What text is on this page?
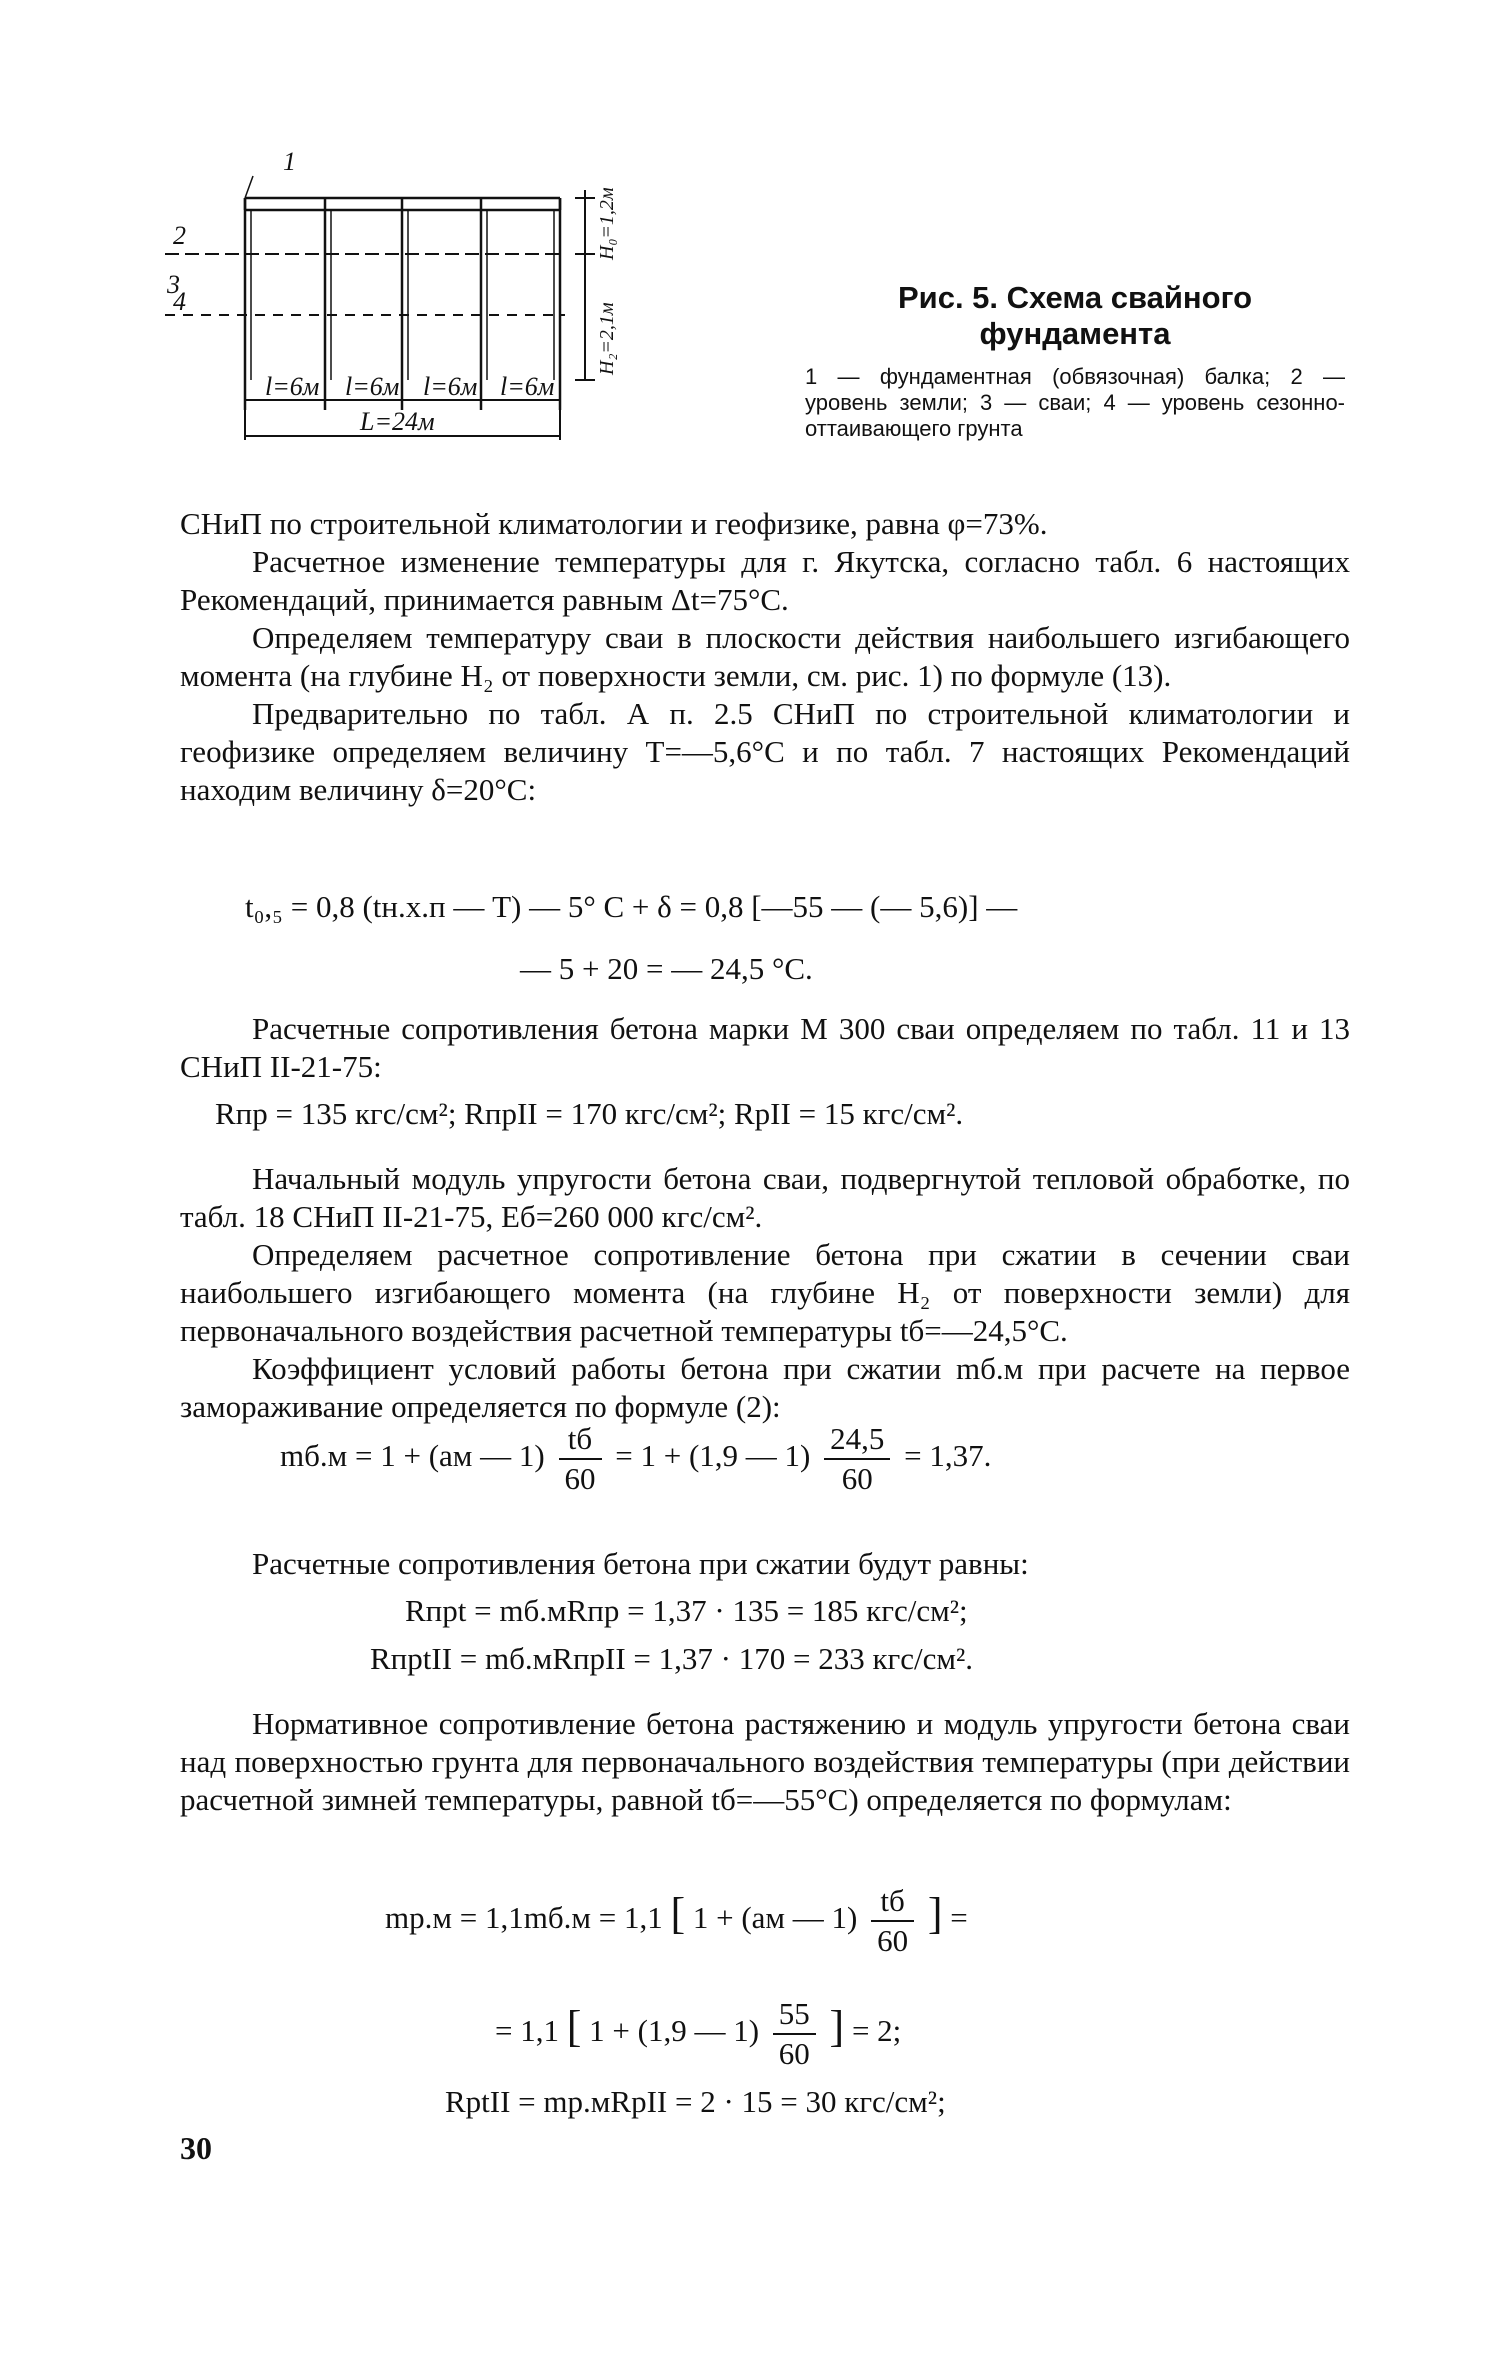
1
2
3
4
l=6м l=6м l=6м l=6м
L=24м
H₀=1,2м
H₂=2,1м
Рис. 5. Схема свайного фундамента
1 — фундаментная (обвязочная) балка; 2 — уровень земли; 3 — сваи; 4 — уровень сезонно-оттаивающего грунта
СНиП по строительной климатологии и геофизике, равна φ=73%.
Расчетное изменение температуры для г. Якутска, согласно табл. 6 настоящих Рекомендаций, принимается равным Δt=75°С.
Определяем температуру сваи в плоскости действия наибольшего изгибающего момента (на глубине H₂ от поверхности земли, см. рис. 1) по формуле (13).
Предварительно по табл. А п. 2.5 СНиП по строительной климатологии и геофизике определяем величину T=—5,6°С и по табл. 7 настоящих Рекомендаций находим величину δ=20°С:
t₀,₅ = 0,8 (tн.х.п — T) — 5° С + δ = 0,8 [—55 — (— 5,6)] —
— 5 + 20 = — 24,5 °С.
Расчетные сопротивления бетона марки М 300 сваи определяем по табл. 11 и 13 СНиП II-21-75:
Rпр = 135 кгс/см²; RпрII = 170 кгс/см²; RрII = 15 кгс/см².
Начальный модуль упругости бетона сваи, подвергнутой тепловой обработке, по табл. 18 СНиП II-21-75, Eб=260 000 кгс/см².
Определяем расчетное сопротивление бетона при сжатии в сечении сваи наибольшего изгибающего момента (на глубине H₂ от поверхности земли) для первоначального воздействия расчетной температуры tб=—24,5°С.
Коэффициент условий работы бетона при сжатии mб.м при расчете на первое замораживание определяется по формуле (2):
mб.м = 1 + (aм — $1) \frac{tб}{60} = 1 + (1,9$ — $1) \frac{24,5}{60} = 1,37$.
Расчетные сопротивления бетона при сжатии будут равны:
Rпрt = mб.мRпр = 1,37 · 135 = 185 кгс/см²;
RпрtII = mб.мRпрII = 1,37 · 170 = 233 кгс/см².
Нормативное сопротивление бетона растяжению и модуль упругости бетона сваи над поверхностью грунта для первоначального воздействия температуры (при действии расчетной зимней температуры, равной tб=—55°С) определяется по формулам:
mр.м = 1,1mб.м = 1,1 [ 1 + (aм — $1) \frac{tб}{60}$ ] =
= 1,1 [ 1 + (1,9 — $1) \frac{55}{60}$ ] = 2;
RрtII = mр.мRрII = 2 · 15 = 30 кгс/см²;
30
